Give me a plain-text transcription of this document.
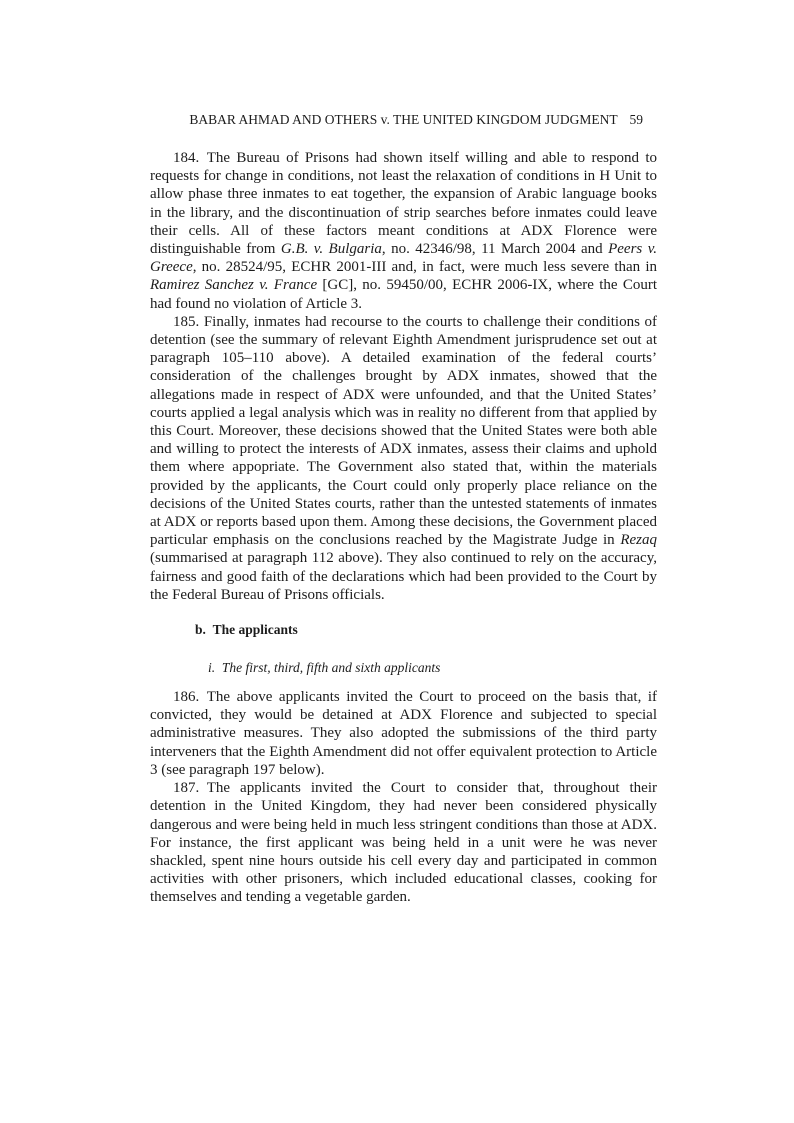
BABAR AHMAD AND OTHERS v. THE UNITED KINGDOM JUDGMENT 59

184. The Bureau of Prisons had shown itself willing and able to respond to requests for change in conditions, not least the relaxation of conditions in H Unit to allow phase three inmates to eat together, the expansion of Arabic language books in the library, and the discontinuation of strip searches before inmates could leave their cells. All of these factors meant conditions at ADX Florence were distinguishable from G.B. v. Bulgaria, no. 42346/98, 11 March 2004 and Peers v. Greece, no. 28524/95, ECHR 2001-III and, in fact, were much less severe than in Ramirez Sanchez v. France [GC], no. 59450/00, ECHR 2006-IX, where the Court had found no violation of Article 3.

185. Finally, inmates had recourse to the courts to challenge their conditions of detention (see the summary of relevant Eighth Amendment jurisprudence set out at paragraph 105–110 above). A detailed examination of the federal courts’ consideration of the challenges brought by ADX inmates, showed that the allegations made in respect of ADX were unfounded, and that the United States’ courts applied a legal analysis which was in reality no different from that applied by this Court. Moreover, these decisions showed that the United States were both able and willing to protect the interests of ADX inmates, assess their claims and uphold them where appopriate. The Government also stated that, within the materials provided by the applicants, the Court could only properly place reliance on the decisions of the United States courts, rather than the untested statements of inmates at ADX or reports based upon them. Among these decisions, the Government placed particular emphasis on the conclusions reached by the Magistrate Judge in Rezaq (summarised at paragraph 112 above). They also continued to rely on the accuracy, fairness and good faith of the declarations which had been provided to the Court by the Federal Bureau of Prisons officials.

b. The applicants

i. The first, third, fifth and sixth applicants

186. The above applicants invited the Court to proceed on the basis that, if convicted, they would be detained at ADX Florence and subjected to special administrative measures. They also adopted the submissions of the third party interveners that the Eighth Amendment did not offer equivalent protection to Article 3 (see paragraph 197 below).

187. The applicants invited the Court to consider that, throughout their detention in the United Kingdom, they had never been considered physically dangerous and were being held in much less stringent conditions than those at ADX. For instance, the first applicant was being held in a unit were he was never shackled, spent nine hours outside his cell every day and participated in common activities with other prisoners, which included educational classes, cooking for themselves and tending a vegetable garden.
